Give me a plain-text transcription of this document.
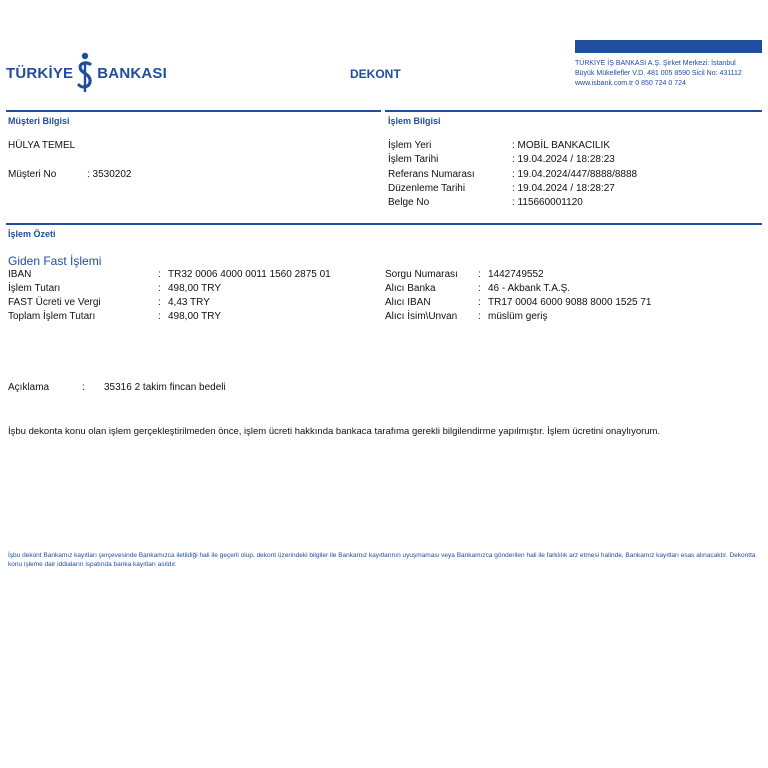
TÜRKİYE BANKASI	DEKONT
TÜRKİYE İŞ BANKASI A.Ş. Şirket Merkezi: İstanbul
Büyük Mükellefler V.D. 481 005 8590 Sicil No: 431112
www.isbank.com.tr 0 850 724 0 724
Müşteri Bilgisi	İşlem Bilgisi
HÜLYA TEMEL
Müşteri No	: 3530202
İşlem Yeri	: MOBİL BANKACILIK
İşlem Tarihi	: 19.04.2024 / 18:28:23
Referans Numarası	: 19.04.2024/447/8888/8888
Düzenleme Tarihi	: 19.04.2024 / 18:28:27
Belge No	: 115660001120
İşlem Özeti
Giden Fast İşlemi
IBAN	: TR32 0006 4000 0011 1560 2875 01
İşlem Tutarı	: 498,00 TRY
FAST Ücreti ve Vergi	: 4,43 TRY
Toplam İşlem Tutarı	: 498,00 TRY
Sorgu Numarası : 1442749552
Alıcı Banka	: 46 - Akbank T.A.Ş.
Alıcı IBAN	: TR17 0004 6000 9088 8000 1525 71
Alıcı İsim\Unvan : müslüm geriş
Açıklama	: 35316 2 takim fincan bedeli
İşbu dekonta konu olan işlem gerçekleştirilmeden önce, işlem ücreti hakkında bankaca tarafıma gerekli bilgilendirme yapılmıştır. İşlem ücretini onaylıyorum.
İşbu dekont Bankamız kayıtları çerçevesinde Bankamızca iletildiği hali ile geçerli olup, dekont üzerindeki bilgiler ile Bankamız kayıtlarının uyuşmaması veya Bankamızca gönderilen hali ile farklılık arz etmesi halinde, Bankamız kayıtları esas alınacaktır. Dekontta konu işleme dair iddiaların ispatında banka kayıtları asıldır.
